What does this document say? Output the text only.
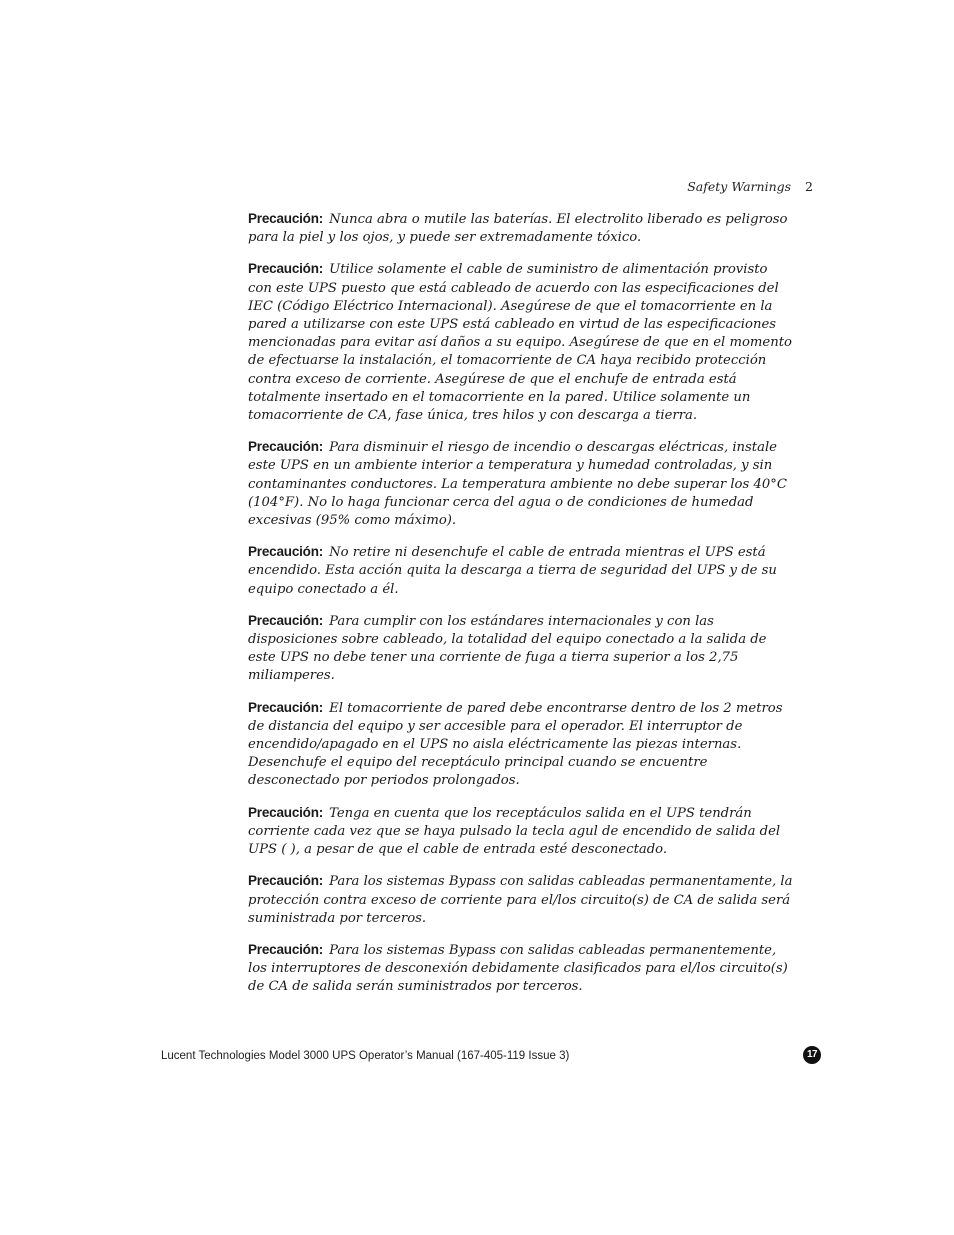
Safety Warnings 2

Precaución: Nunca abra o mutile las baterías. El electrolito liberado es peligroso para la piel y los ojos, y puede ser extremadamente tóxico.

Precaución: Utilice solamente el cable de suministro de alimentación provisto con este UPS puesto que está cableado de acuerdo con las especificaciones del IEC (Código Eléctrico Internacional). Asegúrese de que el tomacorriente en la pared a utilizarse con este UPS está cableado en virtud de las especificaciones mencionadas para evitar así daños a su equipo. Asegúrese de que en el momento de efectuarse la instalación, el tomacorriente de CA haya recibido protección contra exceso de corriente. Asegúrese de que el enchufe de entrada está totalmente insertado en el tomacorriente en la pared. Utilice solamente un tomacorriente de CA, fase única, tres hilos y con descarga a tierra.

Precaución: Para disminuir el riesgo de incendio o descargas eléctricas, instale este UPS en un ambiente interior a temperatura y humedad controladas, y sin contaminantes conductores. La temperatura ambiente no debe superar los 40°C (104°F). No lo haga funcionar cerca del agua o de condiciones de humedad excesivas (95% como máximo).

Precaución: No retire ni desenchufe el cable de entrada mientras el UPS está encendido. Esta acción quita la descarga a tierra de seguridad del UPS y de su equipo conectado a él.

Precaución: Para cumplir con los estándares internacionales y con las disposiciones sobre cableado, la totalidad del equipo conectado a la salida de este UPS no debe tener una corriente de fuga a tierra superior a los 2,75 miliamperes.

Precaución: El tomacorriente de pared debe encontrarse dentro de los 2 metros de distancia del equipo y ser accesible para el operador. El interruptor de encendido/apagado en el UPS no aisla eléctricamente las piezas internas. Desenchufe el equipo del receptáculo principal cuando se encuentre desconectado por periodos prolongados.

Precaución: Tenga en cuenta que los receptáculos salida en el UPS tendrán corriente cada vez que se haya pulsado la tecla agul de encendido de salida del UPS ( ), a pesar de que el cable de entrada esté desconectado.

Precaución: Para los sistemas Bypass con salidas cableadas permanentamente, la protección contra exceso de corriente para el/los circuito(s) de CA de salida será suministrada por terceros.

Precaución: Para los sistemas Bypass con salidas cableadas permanentemente, los interruptores de desconexión debidamente clasificados para el/los circuito(s) de CA de salida serán suministrados por terceros.

Lucent Technologies Model 3000 UPS Operator’s Manual (167-405-119 Issue 3)	17
